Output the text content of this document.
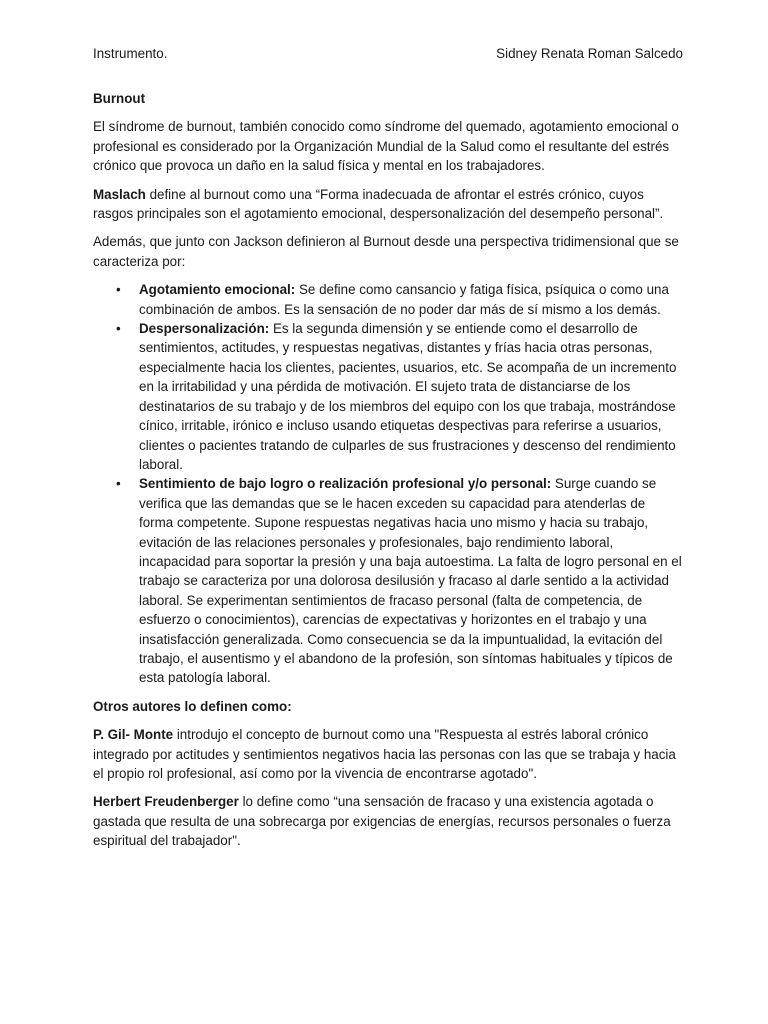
Instrumento.	Sidney Renata Roman Salcedo

Burnout

El síndrome de burnout, también conocido como síndrome del quemado, agotamiento emocional o profesional es considerado por la Organización Mundial de la Salud como el resultante del estrés crónico que provoca un daño en la salud física y mental en los trabajadores.

Maslach define al burnout como una “Forma inadecuada de afrontar el estrés crónico, cuyos rasgos principales son el agotamiento emocional, despersonalización del desempeño personal”.

Además, que junto con Jackson definieron al Burnout desde una perspectiva tridimensional que se caracteriza por:

• Agotamiento emocional: Se define como cansancio y fatiga física, psíquica o como una combinación de ambos. Es la sensación de no poder dar más de sí mismo a los demás.
• Despersonalización: Es la segunda dimensión y se entiende como el desarrollo de sentimientos, actitudes, y respuestas negativas, distantes y frías hacia otras personas, especialmente hacia los clientes, pacientes, usuarios, etc. Se acompaña de un incremento en la irritabilidad y una pérdida de motivación. El sujeto trata de distanciarse de los destinatarios de su trabajo y de los miembros del equipo con los que trabaja, mostrándose cínico, irritable, irónico e incluso usando etiquetas despectivas para referirse a usuarios, clientes o pacientes tratando de culparles de sus frustraciones y descenso del rendimiento laboral.
• Sentimiento de bajo logro o realización profesional y/o personal: Surge cuando se verifica que las demandas que se le hacen exceden su capacidad para atenderlas de forma competente. Supone respuestas negativas hacia uno mismo y hacia su trabajo, evitación de las relaciones personales y profesionales, bajo rendimiento laboral, incapacidad para soportar la presión y una baja autoestima. La falta de logro personal en el trabajo se caracteriza por una dolorosa desilusión y fracaso al darle sentido a la actividad laboral. Se experimentan sentimientos de fracaso personal (falta de competencia, de esfuerzo o conocimientos), carencias de expectativas y horizontes en el trabajo y una insatisfacción generalizada. Como consecuencia se da la impuntualidad, la evitación del trabajo, el ausentismo y el abandono de la profesión, son síntomas habituales y típicos de esta patología laboral.

Otros autores lo definen como:

P. Gil- Monte introdujo el concepto de burnout como una "Respuesta al estrés laboral crónico integrado por actitudes y sentimientos negativos hacia las personas con las que se trabaja y hacia el propio rol profesional, así como por la vivencia de encontrarse agotado".

Herbert Freudenberger lo define como “una sensación de fracaso y una existencia agotada o gastada que resulta de una sobrecarga por exigencias de energías, recursos personales o fuerza espiritual del trabajador".
